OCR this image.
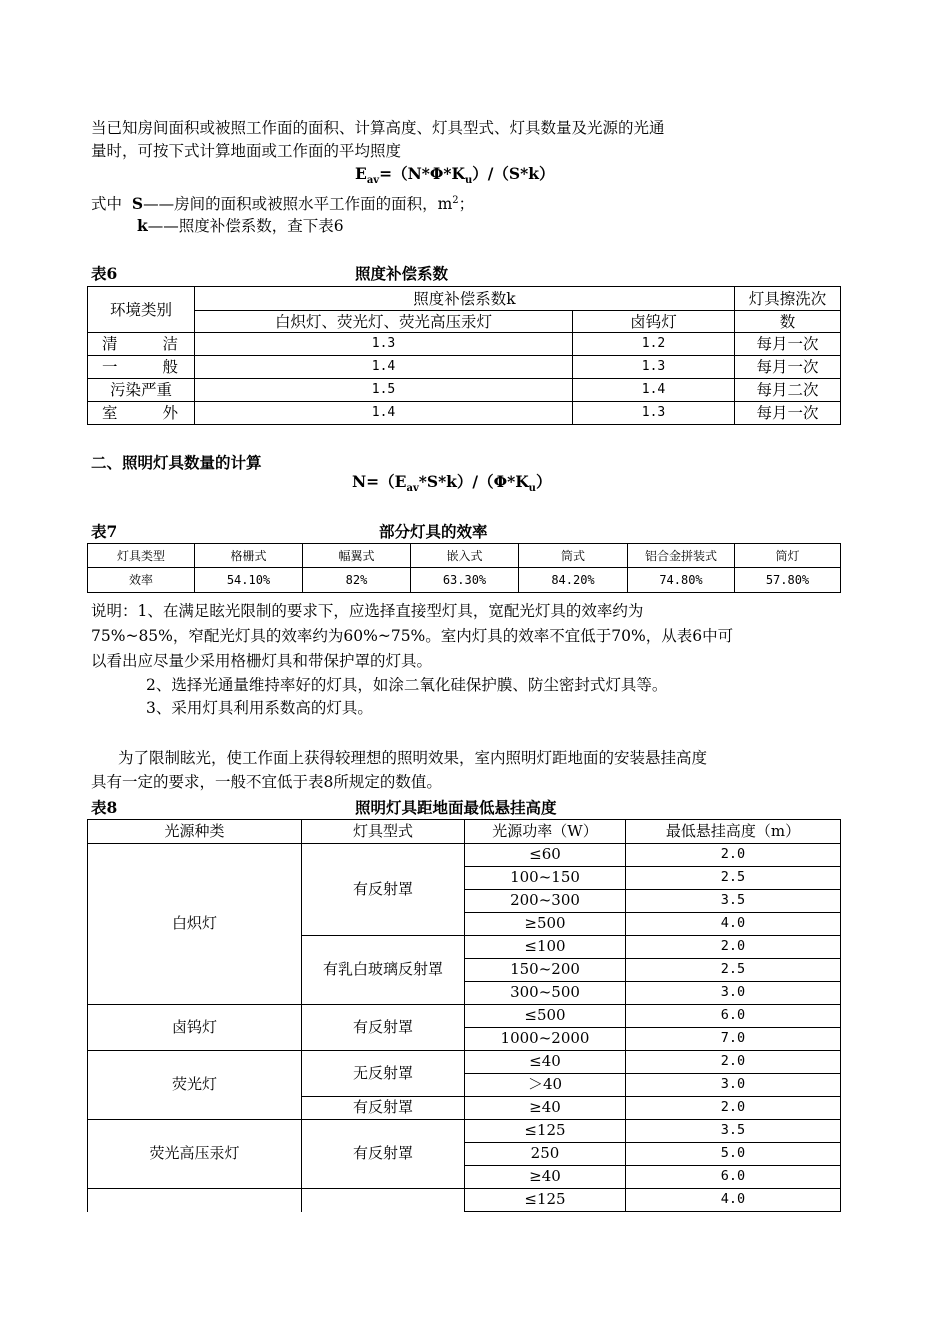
当已知房间面积或被照工作面的面积、计算高度、灯具型式、灯具数量及光源的光通
量时，可按下式计算地面或工作面的平均照度
$E_{av}=(N*\Phi*K_u)/(S*k)$
式中 S——房间的面积或被照水平工作面的面积，$m^2$；
k——照度补偿系数，查下表6
表6	照度补偿系数
环境类别	照度补偿系数k		灯具擦洗次
	白炽灯、荧光灯、荧光高压汞灯	卤钨灯	数

清 洁	1.3	1.2	每月一次

一 般	1.4	1.3	每月一次
污染严重	1.5	1.4	每月二次

室 外	1.4	1.3	每月一次
二、照明灯具数量的计算
$N=(E_{av}*S*k)/(\Phi*K_u)$
表7	部分灯具的效率
灯具类型	格栅式	幅翼式	嵌入式	筒式	铝合金拼装式	筒灯
效率	54.10%	82%	63.30%	84.20%	74.80%	57.80%
说明：1、在满足眩光限制的要求下，应选择直接型灯具，宽配光灯具的效率约为
75%~85%，窄配光灯具的效率约为60%~75%。室内灯具的效率不宜低于70%，从表6中可
以看出应尽量少采用格栅灯具和带保护罩的灯具。
2、选择光通量维持率好的灯具，如涂二氧化硅保护膜、防尘密封式灯具等。
3、采用灯具利用系数高的灯具。
为了限制眩光，使工作面上获得较理想的照明效果，室内照明灯距地面的安装悬挂高度
具有一定的要求，一般不宜低于表8所规定的数值。
表8	照明灯具距地面最低悬挂高度
光源种类	灯具型式	光源功率（W）	最低悬挂高度（m）
白炽灯	有反射罩	≤60	2.0
		100~150	2.5
		200~300	3.5
		≥500	4.0
	有乳白玻璃反射罩	≤100	2.0
		150~200	2.5
		300~500	3.0
卤钨灯	有反射罩	≤500	6.0
		1000~2000	7.0
荧光灯	无反射罩	≤40	2.0
		＞40	3.0
	有反射罩	≥40	2.0
荧光高压汞灯	有反射罩	≤125	3.5
		250	5.0
		≥40	6.0
		≤125	4.0
